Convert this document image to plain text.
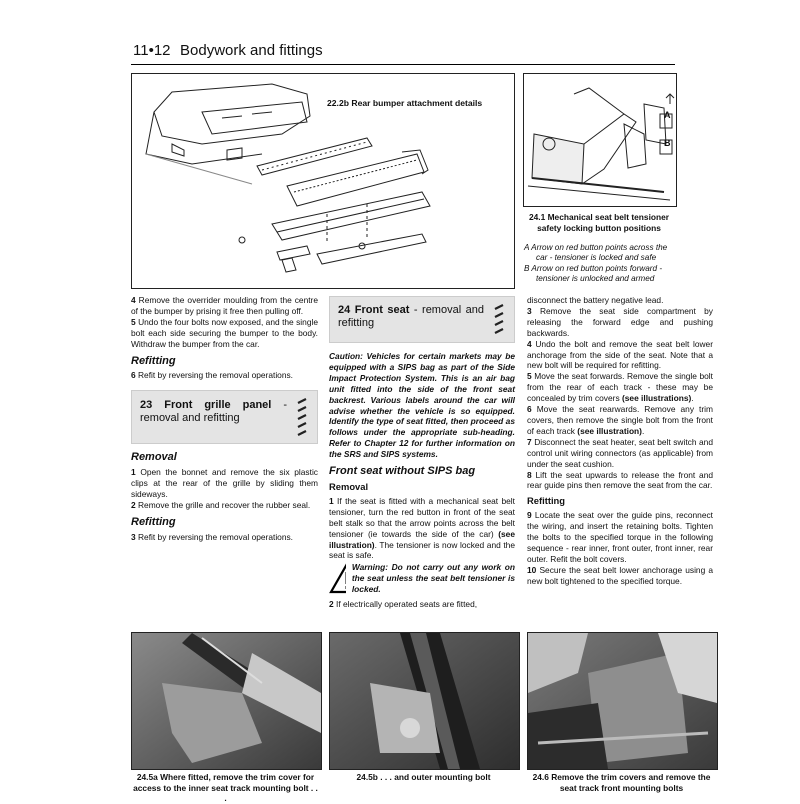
11•12 Bodywork and fittings
22.2b Rear bumper attachment details
A
B
24.1 Mechanical seat belt tensioner safety locking button positions
A Arrow on red button points across the car - tensioner is locked and safe
B Arrow on red button points forward - tensioner is unlocked and armed

4 Remove the overrider moulding from the centre of the bumper by prising it free then pulling off.

5 Undo the four bolts now exposed, and the single bolt each side securing the bumper to the body. Withdraw the bumper from the car.

Refitting

6 Refit by reversing the removal operations.

23 Front grille panel - removal and refitting
Removal

1 Open the bonnet and remove the six plastic clips at the rear of the grille by sliding them sideways.

2 Remove the grille and recover the rubber seal.

Refitting

3 Refit by reversing the removal operations.

24 Front seat - removal and refitting

Caution: Vehicles for certain markets may be equipped with a SIPS bag as part of the Side Impact Protection System. This is an air bag unit fitted into the side of the front seat backrest. Various labels around the car will advise whether the vehicle is so equipped. Identify the type of seat fitted, then proceed as follows under the appropriate sub-heading. Refer to Chapter 12 for further information on the SRS and SIPS systems.

Front seat without SIPS bag
Removal

1 If the seat is fitted with a mechanical seat belt tensioner, turn the red button in front of the seat belt stalk so that the arrow points across the belt tensioner (ie towards the side of the car) (see illustration). The tensioner is now locked and the seat is safe.

Warning: Do not carry out any work on the seat unless the seat belt tensioner is locked.

2 If electrically operated seats are fitted,

disconnect the battery negative lead.

3 Remove the seat side compartment by releasing the forward edge and pushing backwards.

4 Undo the bolt and remove the seat belt lower anchorage from the side of the seat. Note that a new bolt will be required for refitting.

5 Move the seat forwards. Remove the single bolt from the rear of each track - these may be concealed by trim covers (see illustrations).

6 Move the seat rearwards. Remove any trim covers, then remove the single bolt from the front of each track (see illustration).

7 Disconnect the seat heater, seat belt switch and control unit wiring connectors (as applicable) from under the seat cushion.

8 Lift the seat upwards to release the front and rear guide pins then remove the seat from the car.

Refitting

9 Locate the seat over the guide pins, reconnect the wiring, and insert the retaining bolts. Tighten the bolts to the specified torque in the following sequence - rear inner, front outer, front inner, rear outer. Refit the bolt covers.

10 Secure the seat belt lower anchorage using a new bolt tightened to the specified torque.

24.5a Where fitted, remove the trim cover for access to the inner seat track mounting bolt . . .
24.5b . . . and outer mounting bolt	24.6 Remove the trim covers and remove the seat track front mounting bolts
